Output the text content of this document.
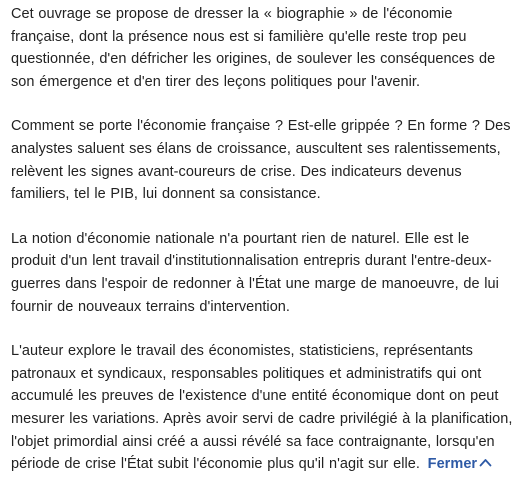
Cet ouvrage se propose de dresser la « biographie » de l'économie française, dont la présence nous est si familière qu'elle reste trop peu questionnée, d'en défricher les origines, de soulever les conséquences de son émergence et d'en tirer des leçons politiques pour l'avenir.

Comment se porte l'économie française ? Est-elle grippée ? En forme ? Des analystes saluent ses élans de croissance, auscultent ses ralentissements, relèvent les signes avant-coureurs de crise. Des indicateurs devenus familiers, tel le PIB, lui donnent sa consistance.

La notion d'économie nationale n'a pourtant rien de naturel. Elle est le produit d'un lent travail d'institutionnalisation entrepris durant l'entre-deux-guerres dans l'espoir de redonner à l'État une marge de manoeuvre, de lui fournir de nouveaux terrains d'intervention.

L'auteur explore le travail des économistes, statisticiens, représentants patronaux et syndicaux, responsables politiques et administratifs qui ont accumulé les preuves de l'existence d'une entité économique dont on peut mesurer les variations. Après avoir servi de cadre privilégié à la planification, l'objet primordial ainsi créé a aussi révélé sa face contraignante, lorsqu'en période de crise l'État subit l'économie plus qu'il n'agit sur elle. Fermer
